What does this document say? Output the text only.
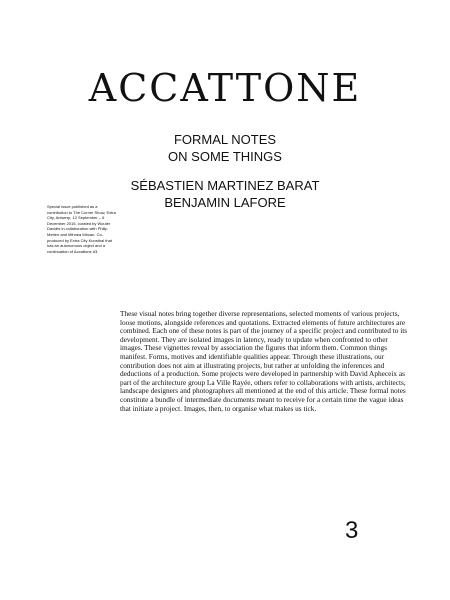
ACCATTONE
FORMAL NOTES
ON SOME THINGS
SÉBASTIEN MARTINEZ BARAT
BENJAMIN LAFORE
Special issue published as a contribution to The Corner Show, Extra City, Antwerp, 12 September – 6 December 2015, curated by Wouter Davidts in collaboration with Philip Metten and Mihnea Mircan. Co-produced by Extra City Kunsthal that has an autonomous object and a continuation of Accattone #3.
These visual notes bring together diverse representations, selected moments of various projects, loose motions, alongside references and quotations. Extracted elements of future architectures are combined. Each one of these notes is part of the journey of a specific project and contributed to its development. They are isolated images in latency, ready to update when confronted to other images. These vignettes reveal by association the figures that inform them. Common things manifest. Forms, motives and identifiable qualities appear. Through these illustrations, our contribution does not aim at illustrating projects, but rather at unfolding the inferences and deductions of a production. Some projects were developed in partnership with David Apheceix as part of the architecture group La Ville Rayée, others refer to collaborations with artists, architects, landscape designers and photographers all mentioned at the end of this article. These formal notes constitute a bundle of intermediate documents meant to receive for a certain time the vague ideas that initiate a project. Images, then, to organise what makes us tick.
3
